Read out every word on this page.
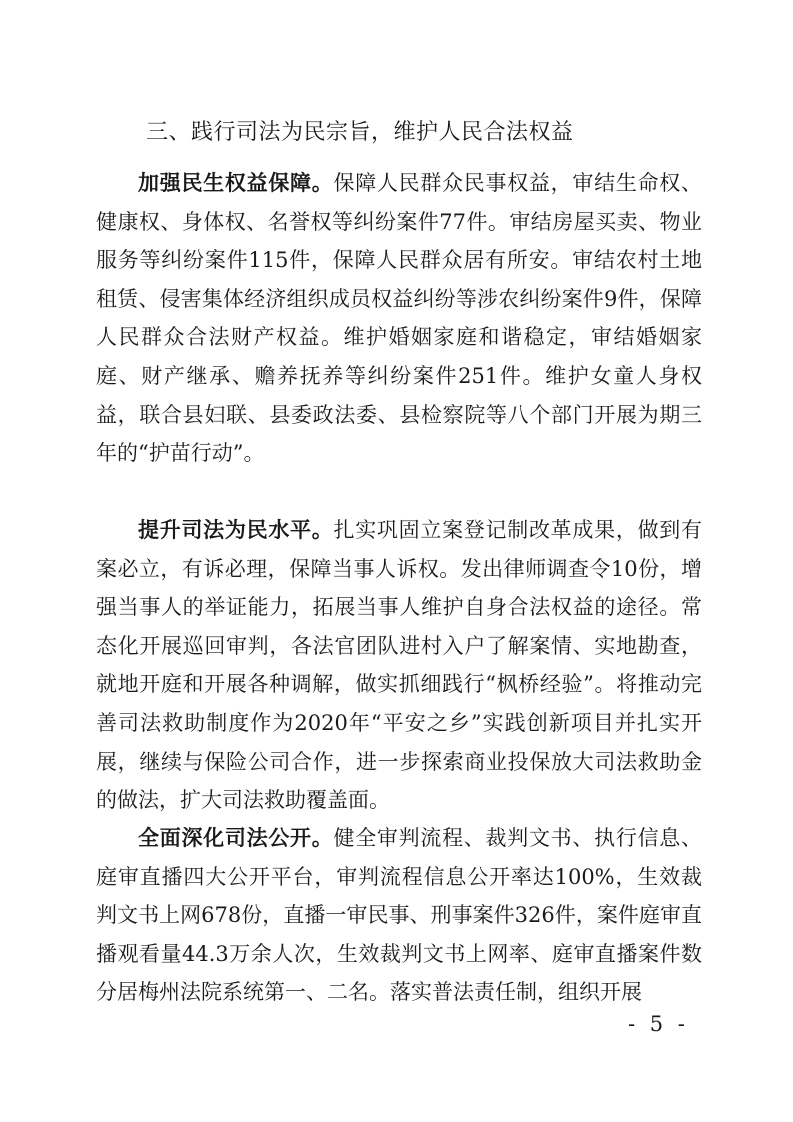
三、践行司法为民宗旨，维护人民合法权益

加强民生权益保障。保障人民群众民事权益，审结生命权、健康权、身体权、名誉权等纠纷案件77件。审结房屋买卖、物业服务等纠纷案件115件，保障人民群众居有所安。审结农村土地租赁、侵害集体经济组织成员权益纠纷等涉农纠纷案件9件，保障人民群众合法财产权益。维护婚姻家庭和谐稳定，审结婚姻家庭、财产继承、赡养抚养等纠纷案件251件。维护女童人身权益，联合县妇联、县委政法委、县检察院等八个部门开展为期三年的“护苗行动”。

提升司法为民水平。扎实巩固立案登记制改革成果，做到有案必立，有诉必理，保障当事人诉权。发出律师调查令10份，增强当事人的举证能力，拓展当事人维护自身合法权益的途径。常态化开展巡回审判，各法官团队进村入户了解案情、实地勘查，就地开庭和开展各种调解，做实抓细践行“枫桥经验”。将推动完善司法救助制度作为2020年“平安之乡”实践创新项目并扎实开展，继续与保险公司合作，进一步探索商业投保放大司法救助金的做法，扩大司法救助覆盖面。

全面深化司法公开。健全审判流程、裁判文书、执行信息、庭审直播四大公开平台，审判流程信息公开率达100%，生效裁判文书上网678份，直播一审民事、刑事案件326件，案件庭审直播观看量44.3万余人次，生效裁判文书上网率、庭审直播案件数分居梅州法院系统第一、二名。落实普法责任制，组织开展

- 5 -
